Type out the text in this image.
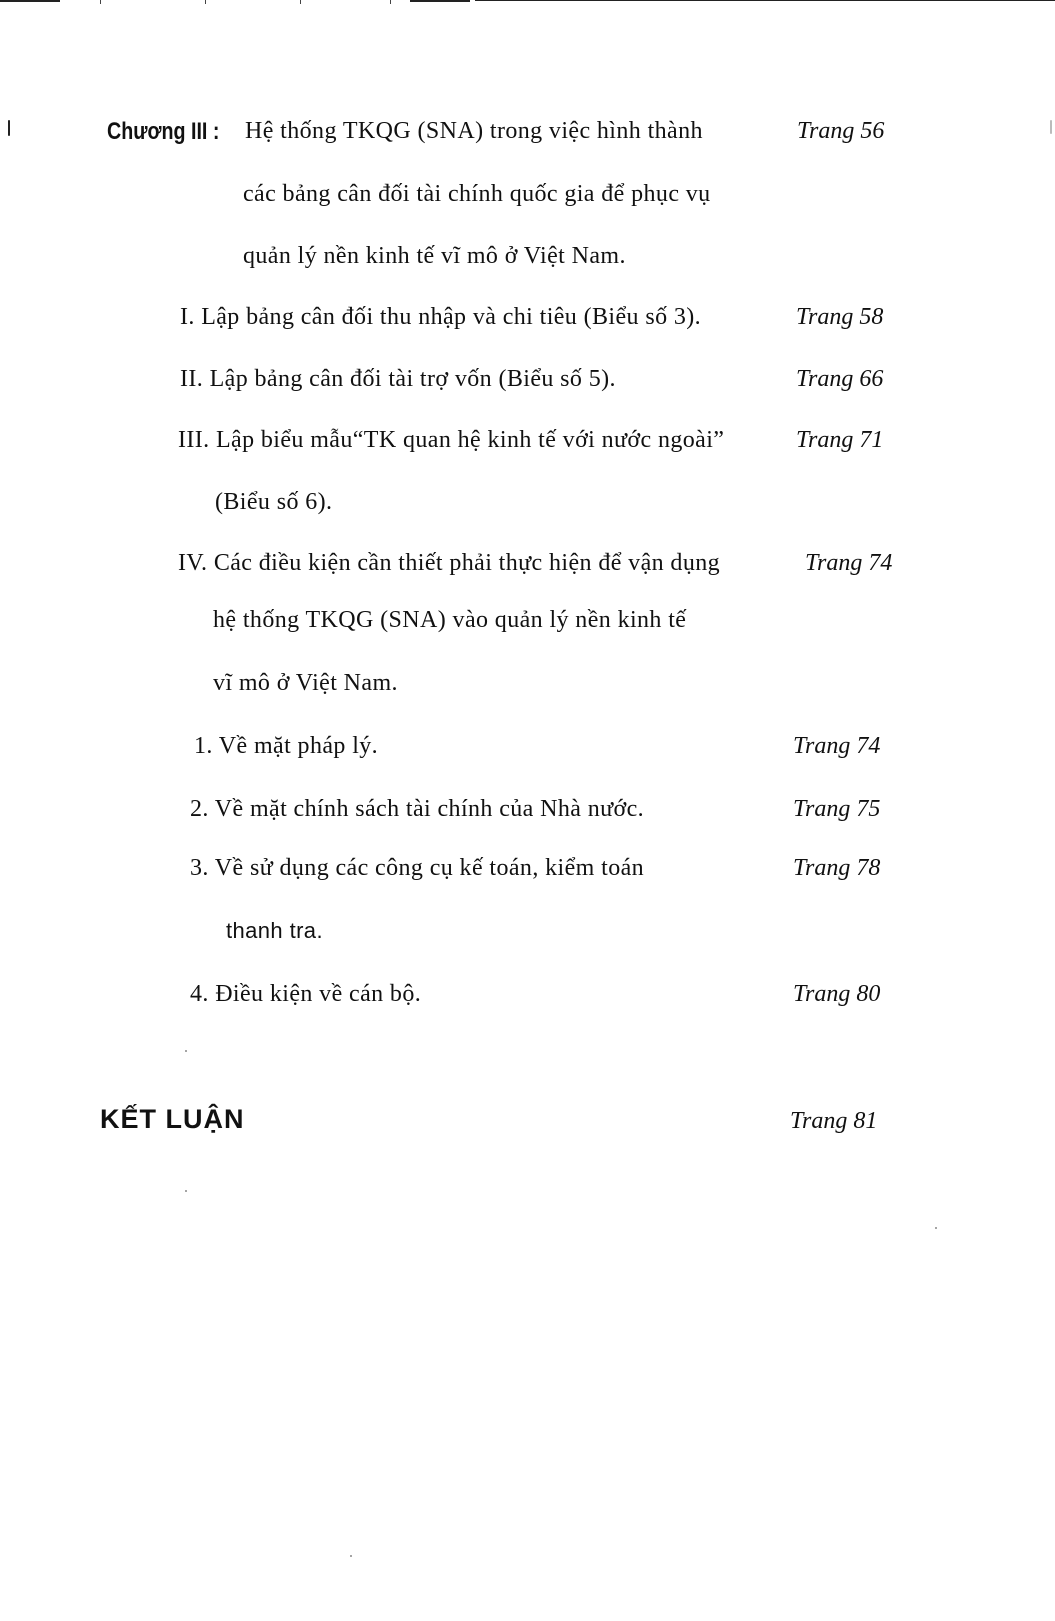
Chương III : Hệ thống TKQG (SNA) trong việc hình thành
các bảng cân đối tài chính quốc gia để phục vụ
quản lý nền kinh tế vĩ mô ở Việt Nam.
Trang 56
I. Lập bảng cân đối thu nhập và chi tiêu (Biểu số 3).	Trang 58
II. Lập bảng cân đối tài trợ vốn (Biểu số 5).	Trang 66
III. Lập biểu mẫu“TK quan hệ kinh tế với nước ngoài”
(Biểu số 6).
Trang 71
IV. Các điều kiện cần thiết phải thực hiện để vận dụng
hệ thống TKQG (SNA) vào quản lý nền kinh tế
vĩ mô ở Việt Nam.
Trang 74
1. Về mặt pháp lý.	Trang 74
2. Về mặt chính sách tài chính của Nhà nước.	Trang 75
3. Về sử dụng các công cụ kế toán, kiểm toán
thanh tra.
Trang 78
4. Điều kiện về cán bộ.	Trang 80
KẾT LUẬN	Trang 81
